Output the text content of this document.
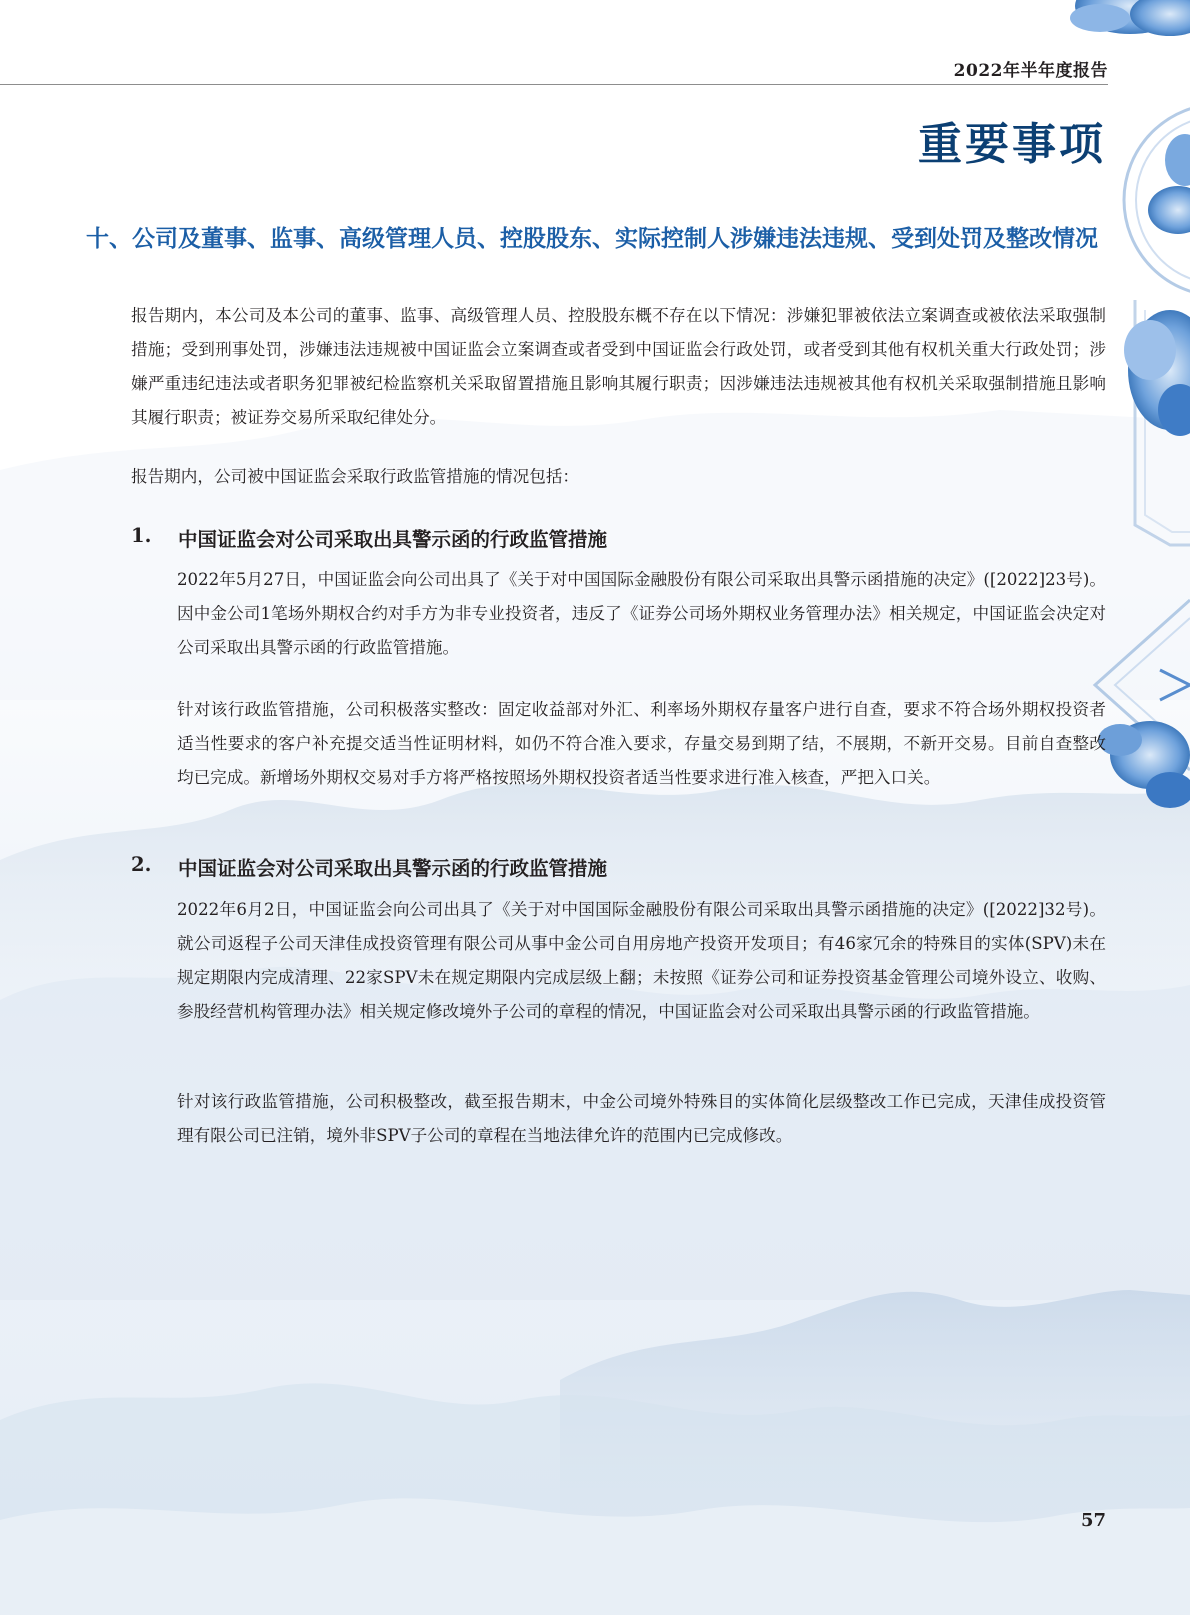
2022年半年度报告
重要事项
十、 公司及董事、监事、高级管理人员、控股股东、实际控制人涉嫌违法违规、受到处罚及整改情况

报告期内，本公司及本公司的董事、监事、高级管理人员、控股股东概不存在以下情况：涉嫌犯罪被依法立案调查或被依法采取强制措施；受到刑事处罚，涉嫌违法违规被中国证监会立案调查或者受到中国证监会行政处罚，或者受到其他有权机关重大行政处罚；涉嫌严重违纪违法或者职务犯罪被纪检监察机关采取留置措施且影响其履行职责；因涉嫌违法违规被其他有权机关采取强制措施且影响其履行职责；被证券交易所采取纪律处分。

报告期内，公司被中国证监会采取行政监管措施的情况包括：

1.	中国证监会对公司采取出具警示函的行政监管措施

2022年5月27日，中国证监会向公司出具了《关于对中国国际金融股份有限公司采取出具警示函措施的决定》([2022]23号)。因中金公司1笔场外期权合约对手方为非专业投资者，违反了《证券公司场外期权业务管理办法》相关规定，中国证监会决定对公司采取出具警示函的行政监管措施。

针对该行政监管措施，公司积极落实整改：固定收益部对外汇、利率场外期权存量客户进行自查，要求不符合场外期权投资者适当性要求的客户补充提交适当性证明材料，如仍不符合准入要求，存量交易到期了结，不展期，不新开交易。目前自查整改均已完成。新增场外期权交易对手方将严格按照场外期权投资者适当性要求进行准入核查，严把入口关。

2.	中国证监会对公司采取出具警示函的行政监管措施

2022年6月2日，中国证监会向公司出具了《关于对中国国际金融股份有限公司采取出具警示函措施的决定》([2022]32号)。就公司返程子公司天津佳成投资管理有限公司从事中金公司自用房地产投资开发项目；有46家冗余的特殊目的实体(SPV)未在规定期限内完成清理、22家SPV未在规定期限内完成层级上翻；未按照《证券公司和证券投资基金管理公司境外设立、收购、参股经营机构管理办法》相关规定修改境外子公司的章程的情况，中国证监会对公司采取出具警示函的行政监管措施。

针对该行政监管措施，公司积极整改，截至报告期末，中金公司境外特殊目的实体简化层级整改工作已完成，天津佳成投资管理有限公司已注销，境外非SPV子公司的章程在当地法律允许的范围内已完成修改。

57
